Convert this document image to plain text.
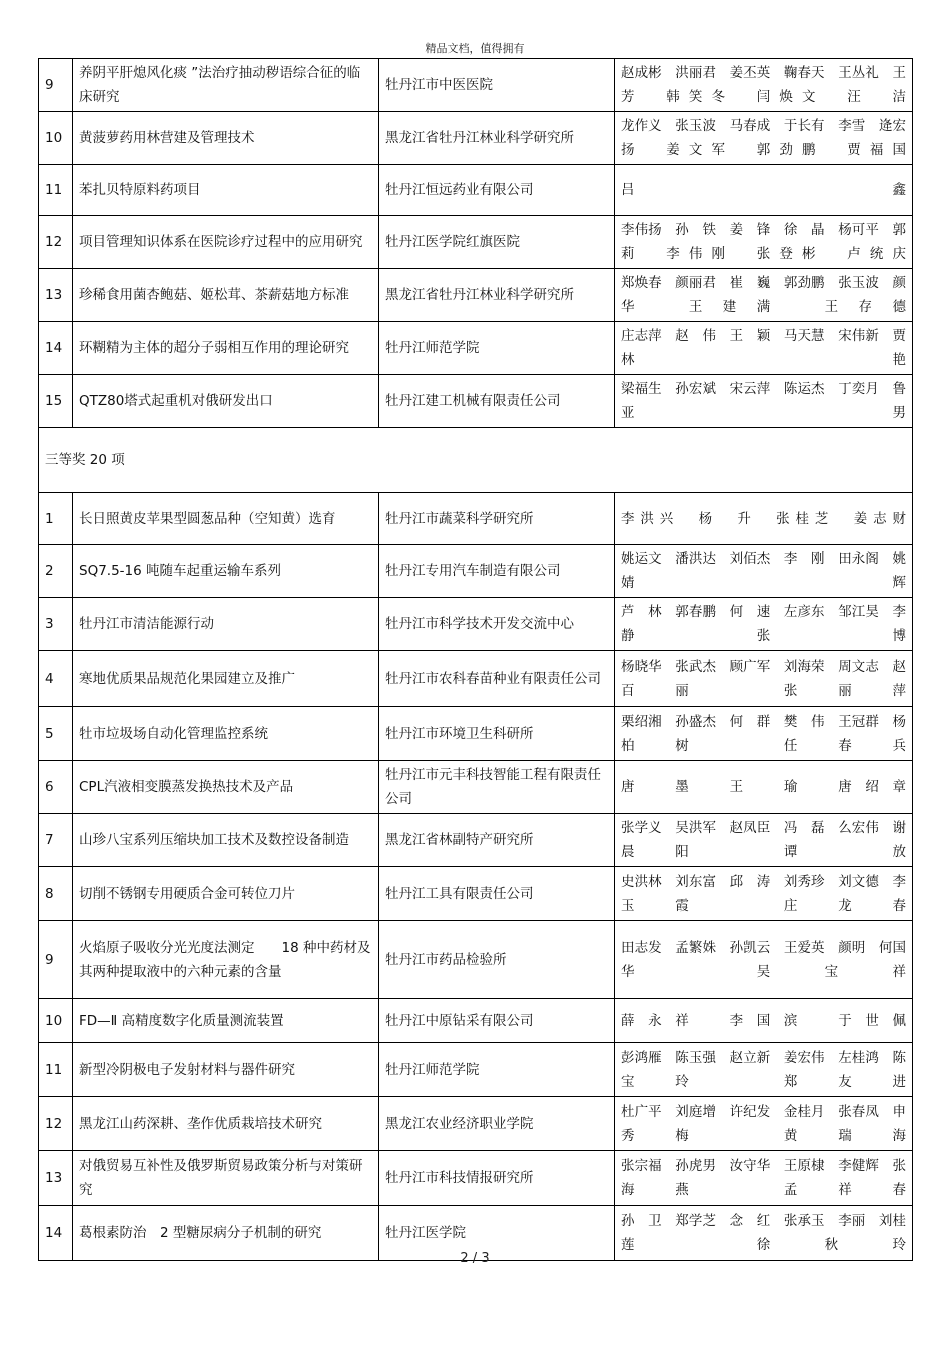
精品文档，值得拥有
9	养阴平肝熄风化痰 ”法治疗抽动秽语综合征的临床研究	牡丹江市中医医院	赵成彬　洪丽君　姜丕英　鞠春天　王丛礼　王　芳　韩笑冬　闫焕文　汪　洁
10	黄菠萝药用林营建及管理技术	黑龙江省牡丹江林业科学研究所	龙作义　张玉波　马春成　于长有　李雪　逄宏扬　姜文军　郭劲鹏　贾福国
11	苯扎贝特原料药项目	牡丹江恒远药业有限公司	吕　鑫
12	项目管理知识体系在医院诊疗过程中的应用研究	牡丹江医学院红旗医院	李伟扬　孙　铁　姜　锋　徐　晶　杨可平　郭　莉　李伟刚　张登彬　卢统庆
13	珍稀食用菌杏鲍菇、姬松茸、茶薪菇地方标准	黑龙江省牡丹江林业科学研究所	郑焕春　颜丽君　崔　巍　郭劲鹏　张玉波　颜　华　王建满　王存德
14	环糊精为主体的超分子弱相互作用的理论研究	牡丹江师范学院	庄志萍　赵　伟　王　颖　马天慧　宋伟新　贾林艳
15	QTZ80塔式起重机对俄研发出口	牡丹江建工机械有限责任公司	梁福生　孙宏斌　宋云萍　陈运杰　丁奕月　鲁亚男
三等奖 20 项			
1	长日照黄皮苹果型圆葱品种（空知黄）选育	牡丹江市蔬菜科学研究所	李洪兴　杨　升　张桂芝　姜志财
2	SQ7.5-16 吨随车起重运输车系列	牡丹江专用汽车制造有限公司	姚运文　潘洪达　刘佰杰　李　刚　田永阁　姚婧辉
3	牡丹江市清洁能源行动	牡丹江市科学技术开发交流中心	芦　林　郭春鹏　何　速　左彦东　邹江昊　李　静　张　博
4	寒地优质果品规范化果园建立及推广	牡丹江市农科春苗种业有限责任公司	杨晓华　张武杰　顾广军　刘海荣　周文志　赵百丽　张丽萍
5	牡市垃圾场自动化管理监控系统	牡丹江市环境卫生科研所	栗绍湘　孙盛杰　何　群　樊　伟　王冠群　杨柏树　任春兵
6	CPL汽液相变膜蒸发换热技术及产品	牡丹江市元丰科技智能工程有限责任公司	唐　墨　王　瑜　唐绍章
7	山珍八宝系列压缩块加工技术及数控设备制造	黑龙江省林副特产研究所	张学义　吴洪军　赵凤臣　冯　磊　么宏伟　谢晨阳　谭　放
8	切削不锈钢专用硬质合金可转位刀片	牡丹江工具有限责任公司	史洪林　刘东富　邱　涛　刘秀珍　刘文德　李玉霞　庄龙春
9	火焰原子吸收分光光度法测定　　18 种中药材及其两种提取液中的六种元素的含量	牡丹江市药品检验所	田志发　孟繁姝　孙凯云　王爱英　颜明　何国华　吴宝祥
10	FD—Ⅱ 高精度数字化质量测流装置	牡丹江中原钻采有限公司	薛永祥　李国滨　于世佩
11	新型冷阴极电子发射材料与器件研究	牡丹江师范学院	彭鸿雁　陈玉强　赵立新　姜宏伟　左桂鸿　陈宝玲　郑友进
12	黑龙江山药深耕、垄作优质栽培技术研究	黑龙江农业经济职业学院	杜广平　刘庭增　许纪发　金桂月　张春凤　申秀梅　黄瑞海
13	对俄贸易互补性及俄罗斯贸易政策分析与对策研究	牡丹江市科技情报研究所	张宗福　孙虎男　汝守华　王原棣　李健辉　张海燕　孟祥春
14	葛根素防治　2 型糖尿病分子机制的研究	牡丹江医学院	孙　卫　郑学芝　念　红　张承玉　李丽　刘桂莲　徐秋玲
2 / 3
